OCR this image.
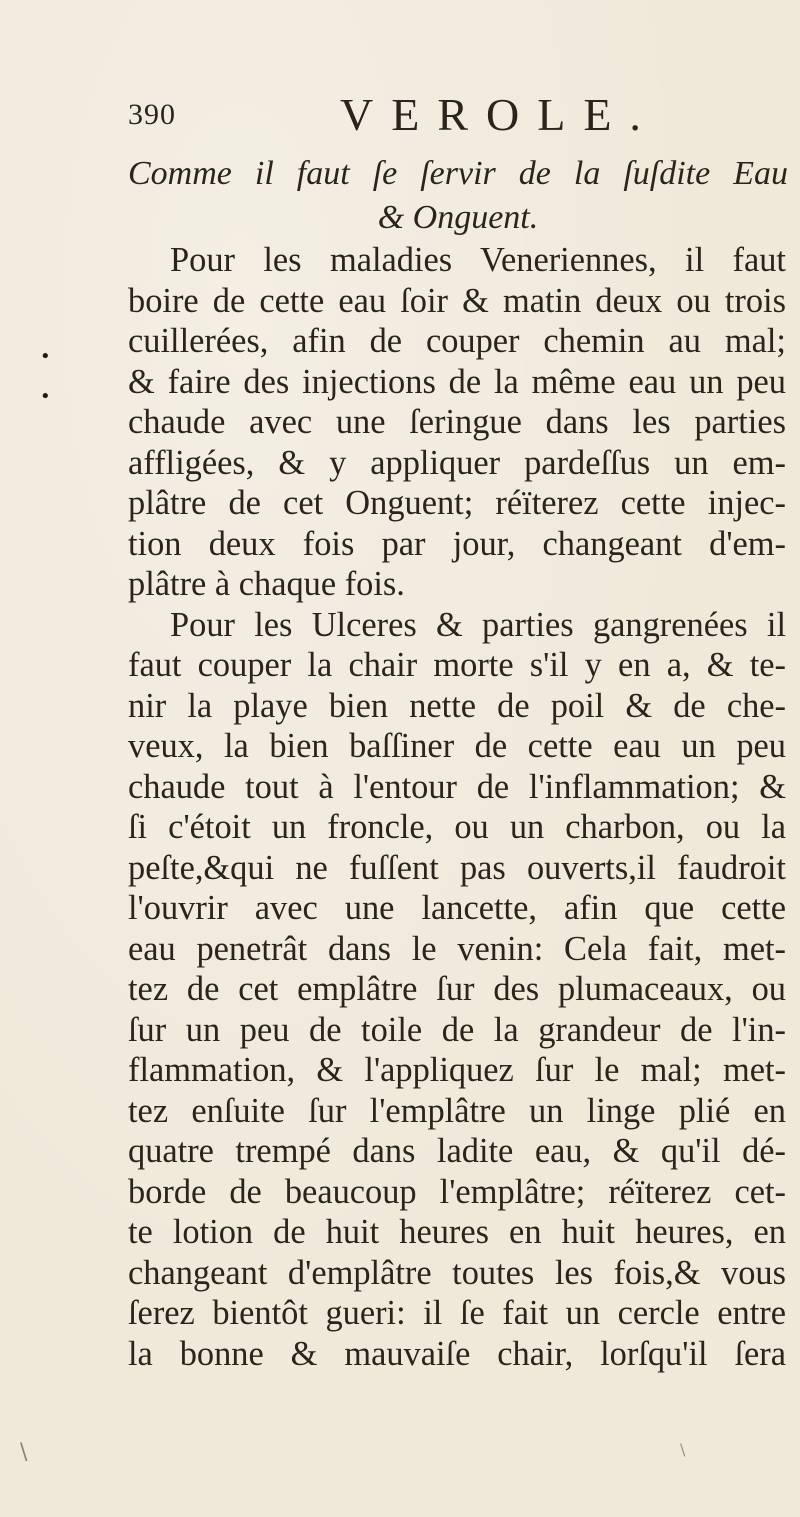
390	VEROLE.
Comme il faut ſe ſervir de la ſuſdite Eau
& Onguent.
Pour les maladies Veneriennes, il faut
boire de cette eau ſoir & matin deux ou trois
cuillerées, afin de couper chemin au mal;
& faire des injections de la même eau un peu
chaude avec une ſeringue dans les parties
affligées, & y appliquer pardeſſus un em-
plâtre de cet Onguent; réïterez cette injec-
tion deux fois par jour, changeant d'em-
plâtre à chaque fois.
Pour les Ulceres & parties gangrenées il
faut couper la chair morte s'il y en a, & te-
nir la playe bien nette de poil & de che-
veux, la bien baſſiner de cette eau un peu
chaude tout à l'entour de l'inflammation; &
ſi c'étoit un froncle, ou un charbon, ou la
peſte,&qui ne fuſſent pas ouverts,il faudroit
l'ouvrir avec une lancette, afin que cette
eau penetrât dans le venin: Cela fait, met-
tez de cet emplâtre ſur des plumaceaux, ou
ſur un peu de toile de la grandeur de l'in-
flammation, & l'appliquez ſur le mal; met-
tez enſuite ſur l'emplâtre un linge plié en
quatre trempé dans ladite eau, & qu'il dé-
borde de beaucoup l'emplâtre; réïterez cet-
te lotion de huit heures en huit heures, en
changeant d'emplâtre toutes les fois,& vous
ſerez bientôt gueri: il ſe fait un cercle entre
la bonne & mauvaiſe chair, lorſqu'il ſera
•
•
\	\
